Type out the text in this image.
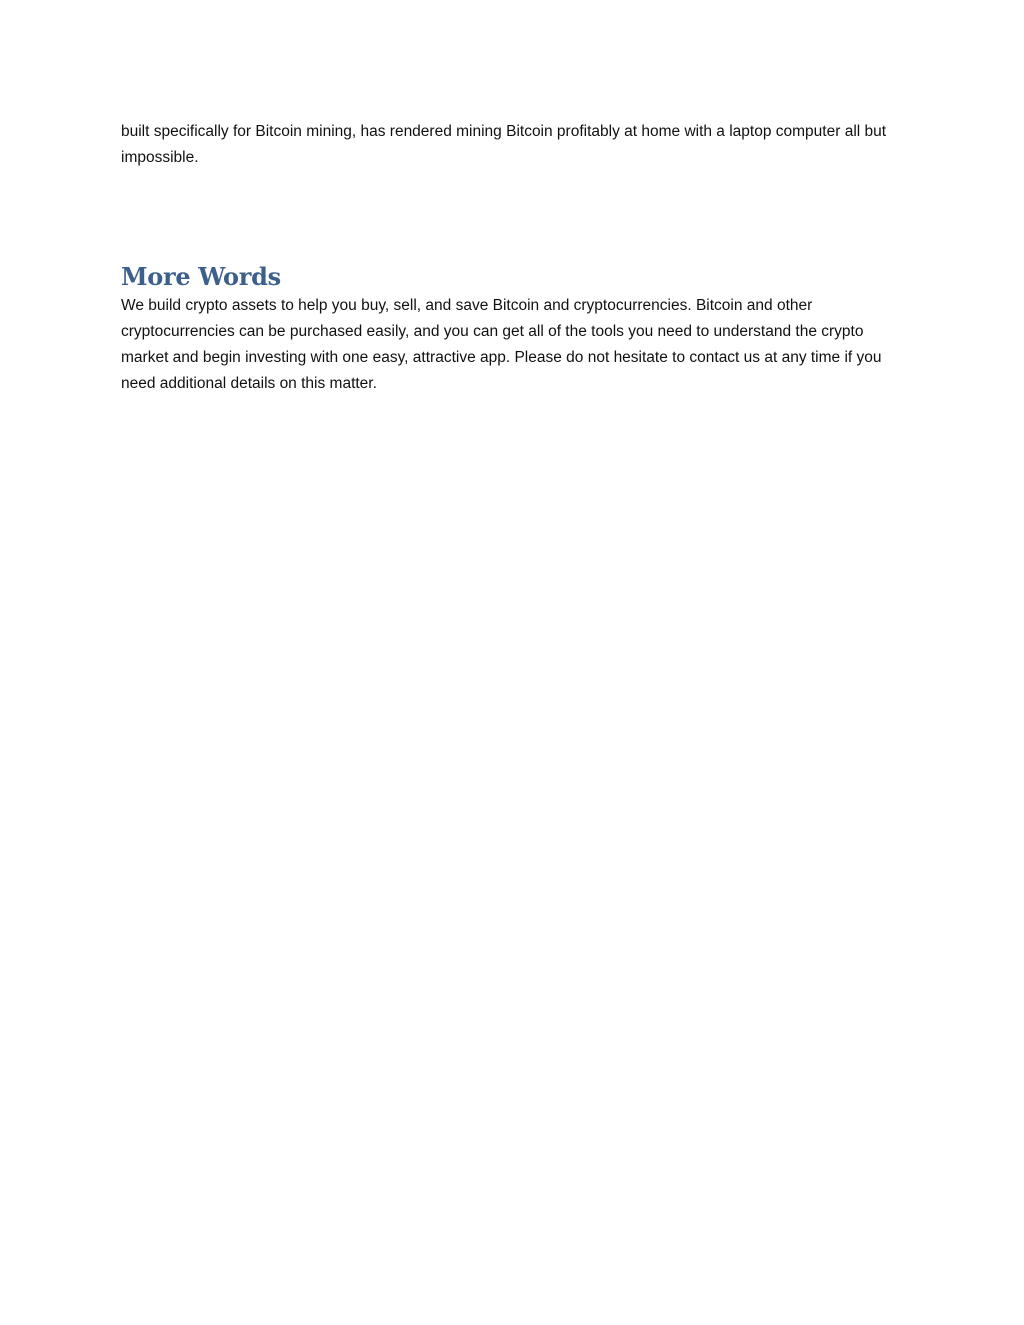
built specifically for Bitcoin mining, has rendered mining Bitcoin profitably at home with a laptop computer all but impossible.

More Words

We build crypto assets to help you buy, sell, and save Bitcoin and cryptocurrencies. Bitcoin and other cryptocurrencies can be purchased easily, and you can get all of the tools you need to understand the crypto market and begin investing with one easy, attractive app. Please do not hesitate to contact us at any time if you need additional details on this matter.
